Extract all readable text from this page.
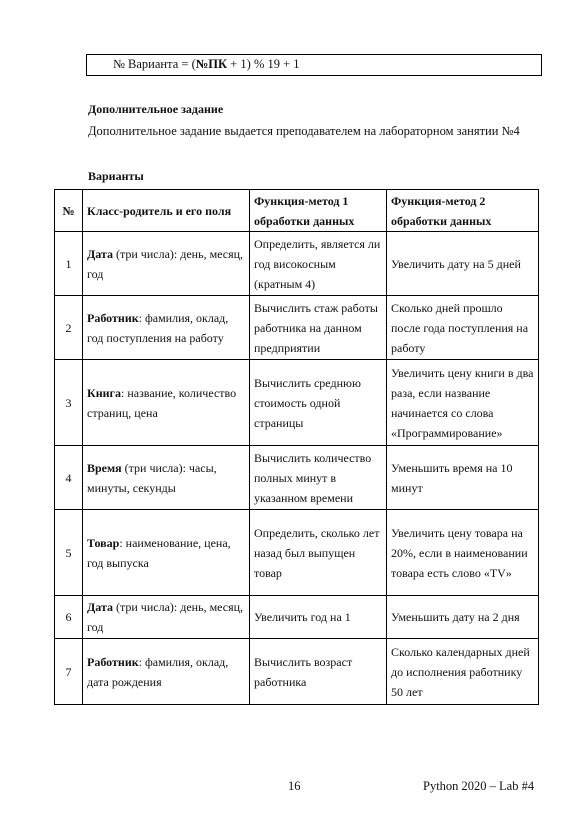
№ Варианта = (№ПК + 1) % 19 + 1
Дополнительное задание
Дополнительное задание выдается преподавателем на лабораторном занятии №4
Варианты
№	Класс-родитель и его поля	Функция-метод 1 обработки данных	Функция-метод 2 обработки данных
1	Дата (три числа): день, месяц, год	Определить, является ли год високосным (кратным 4)	Увеличить дату на 5 дней
2	Работник: фамилия, оклад, год поступления на работу	Вычислить стаж работы работника на данном предприятии	Сколько дней прошло после года поступления на работу
3	Книга: название, количество страниц, цена	Вычислить среднюю стоимость одной страницы	Увеличить цену книги в два раза, если название начинается со слова «Программирование»
4	Время (три числа): часы, минуты, секунды	Вычислить количество полных минут в указанном времени	Уменьшить время на 10 минут
5	Товар: наименование, цена, год выпуска	Определить, сколько лет назад был выпущен товар	Увеличить цену товара на 20%, если в наименовании товара есть слово «TV»
6	Дата (три числа): день, месяц, год	Увеличить год на 1	Уменьшить дату на 2 дня
7	Работник: фамилия, оклад, дата рождения	Вычислить возраст работника	Сколько календарных дней до исполнения работнику 50 лет
16	Python 2020 – Lab #4
